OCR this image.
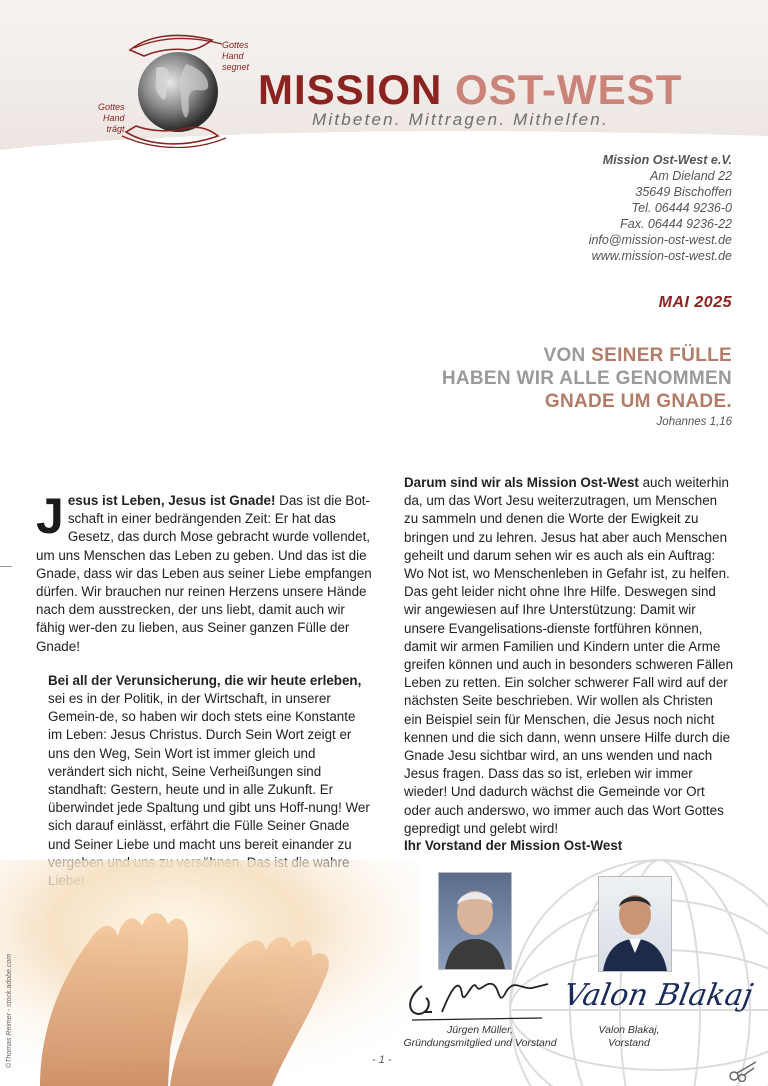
Gottes
Hand
segnet
Gottes
Hand
trägt
MISSION OST-WEST
Mitbeten. Mittragen. Mithelfen.
Mission Ost-West e.V.
Am Dieland 22
35649 Bischoffen
Tel. 06444 9236-0
Fax. 06444 9236-22
info@mission-ost-west.de
www.mission-ost-west.de
MAI 2025
VON SEINER FÜLLE
HABEN WIR ALLE GENOMMEN
GNADE UM GNADE.
Johannes 1,16

Jesus ist Leben, Jesus ist Gnade! Das ist die Bot-schaft in einer bedrängenden Zeit: Er hat das Gesetz, das durch Mose gebracht wurde vollendet, um uns Menschen das Leben zu geben. Und das ist die Gnade, dass wir das Leben aus seiner Liebe empfangen dürfen. Wir brauchen nur reinen Herzens unsere Hände nach dem ausstrecken, der uns liebt, damit auch wir fähig wer-den zu lieben, aus Seiner ganzen Fülle der Gnade!

Bei all der Verunsicherung, die wir heute erleben, sei es in der Politik, in der Wirtschaft, in unserer Gemein-de, so haben wir doch stets eine Konstante im Leben: Jesus Christus. Durch Sein Wort zeigt er uns den Weg, Sein Wort ist immer gleich und verändert sich nicht, Seine Verheißungen sind standhaft: Gestern, heute und in alle Zukunft. Er überwindet jede Spaltung und gibt uns Hoff-nung! Wer sich darauf einlässt, erfährt die Fülle Seiner Gnade und Seiner Liebe und macht uns bereit einander zu

Darum sind wir als Mission Ost-West auch weiterhin da, um das Wort Jesu weiterzutragen, um Menschen zu sammeln und denen die Worte der Ewigkeit zu bringen und zu lehren. Jesus hat aber auch Menschen geheilt und darum sehen wir es auch als ein Auftrag: Wo Not ist, wo Menschenleben in Gefahr ist, zu helfen. Das geht leider nicht ohne Ihre Hilfe. Deswegen sind wir angewiesen auf Ihre Unterstützung: Damit wir unsere Evangelisations-dienste fortführen können, damit wir armen Familien und Kindern unter die Arme greifen können und auch in besonders schweren Fällen Leben zu retten. Ein solcher schwerer Fall wird auf der nächsten Seite beschrieben. Wir wollen als Christen ein Beispiel sein für Menschen, die Jesus noch nicht kennen und die sich dann, wenn unsere Hilfe durch die Gnade Jesu sichtbar wird, an uns wenden und nach Jesus fragen. Dass das so ist, erleben wir immer wieder! Und dadurch wächst die Gemeinde vor Ort oder auch anderswo, wo immer auch das Wort Gottes gepredigt und gelebt wird!

Ihr Vorstand der Mission Ost-West
Valon Blakaj
Jürgen Müller,
Gründungsmitglied und Vorstand
Valon Blakaj,
Vorstand
©Thomas Reimer - stock.adobe.com	- 1 -
